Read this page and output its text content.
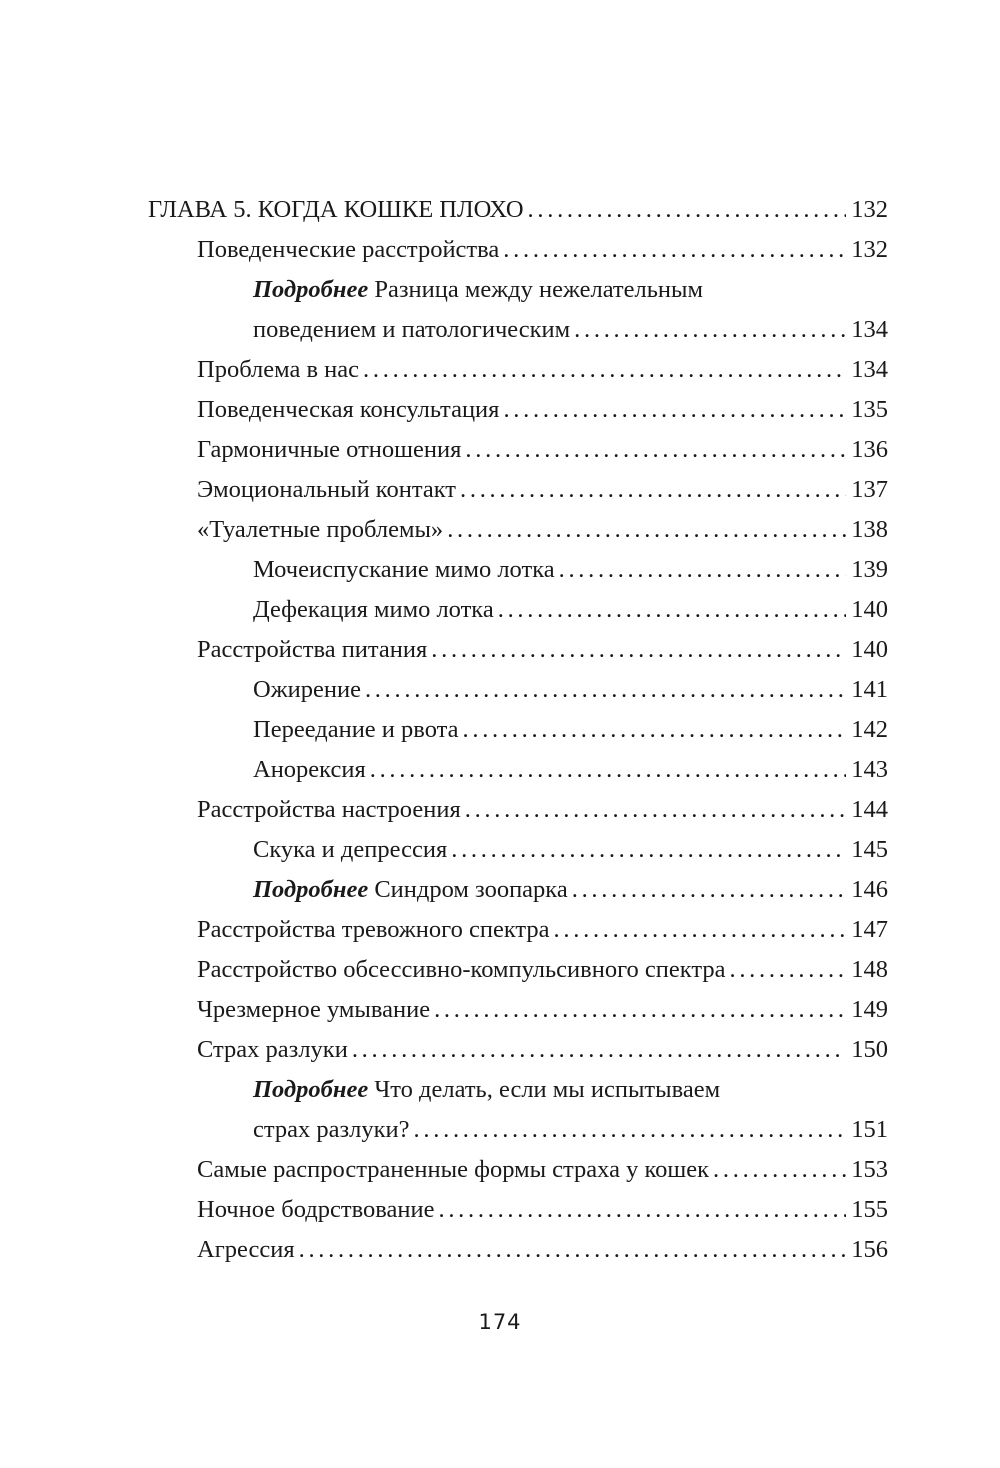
ГЛАВА 5. КОГДА КОШКЕ ПЛОХО . . .	132
Поведенческие расстройства . . .	132
Подробнее Разница между нежелательным
поведением и патологическим . . .	134
Проблема в нас . . .	134
Поведенческая консультация . . .	135
Гармоничные отношения . . .	136
Эмоциональный контакт . . .	137
«Туалетные проблемы» . . .	138
Мочеиспускание мимо лотка . . .	139
Дефекация мимо лотка . . .	140
Расстройства питания . . .	140
Ожирение . . .	141
Переедание и рвота . . .	142
Анорексия . . .	143
Расстройства настроения . . .	144
Скука и депрессия . . .	145
Подробнее Синдром зоопарка . . .	146
Расстройства тревожного спектра . . .	147
Расстройство обсессивно-компульсивного спектра . . .	148
Чрезмерное умывание . . .	149
Страх разлуки . . .	150
Подробнее Что делать, если мы испытываем
страх разлуки? . . .	151
Самые распространенные формы страха у кошек . . .	153
Ночное бодрствование . . .	155
Агрессия . . .	156
174
